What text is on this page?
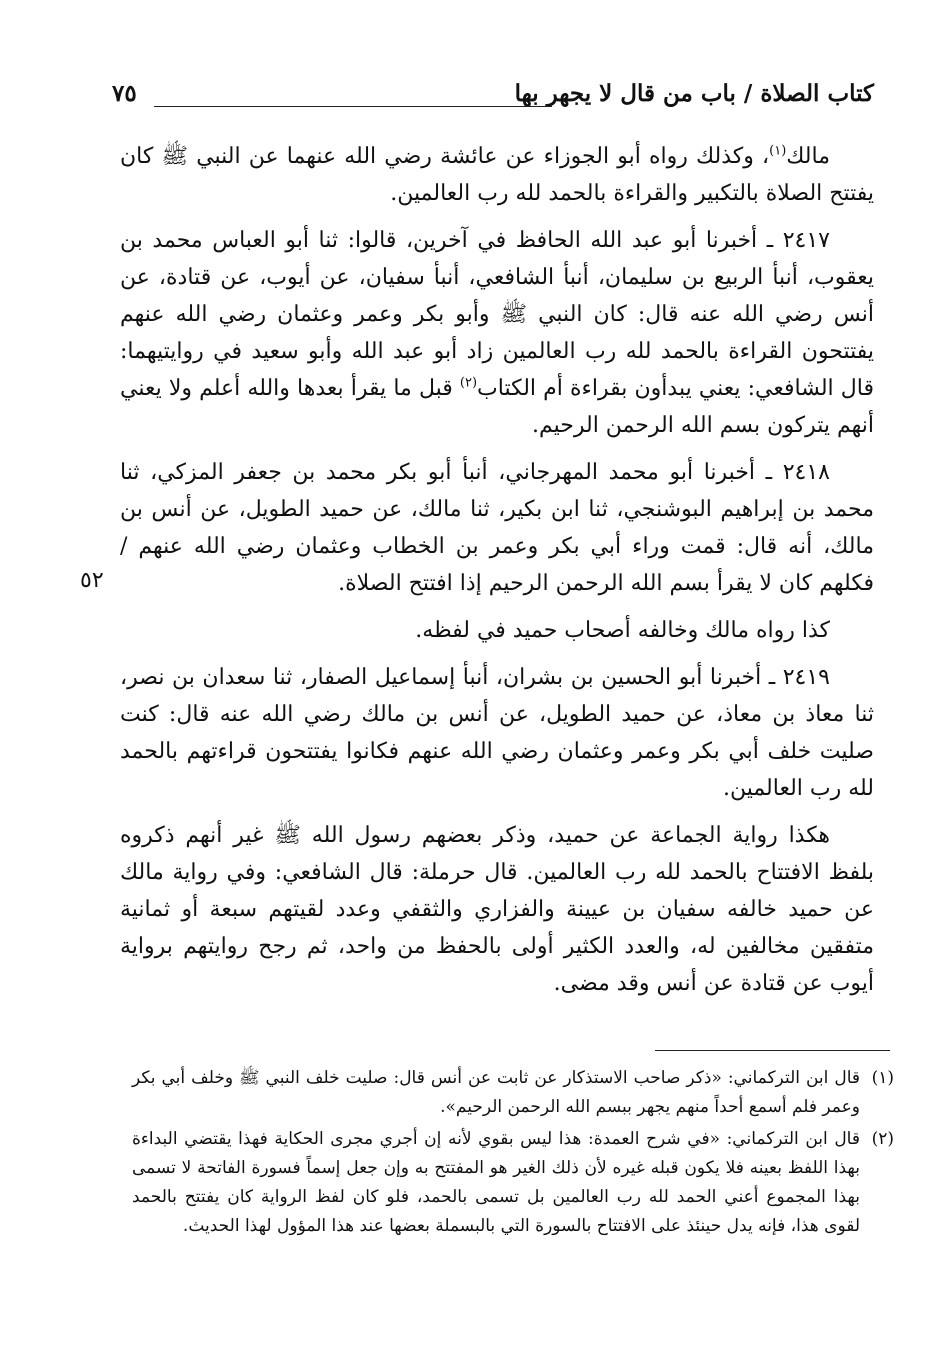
كتاب الصلاة / باب من قال لا يجهر بها
٧٥

مالك$^{(١)}$، وكذلك رواه أبو الجوزاء عن عائشة رضي الله عنهما عن النبي ﷺ كان يفتتح الصلاة بالتكبير والقراءة بالحمد لله رب العالمين.

٢٤١٧ ـ أخبرنا أبو عبد الله الحافظ في آخرين، قالوا: ثنا أبو العباس محمد بن يعقوب، أنبأ الربيع بن سليمان، أنبأ الشافعي، أنبأ سفيان، عن أيوب، عن قتادة، عن أنس رضي الله عنه قال: كان النبي ﷺ وأبو بكر وعمر وعثمان رضي الله عنهم يفتتحون القراءة بالحمد لله رب العالمين زاد أبو عبد الله وأبو سعيد في روايتيهما: قال الشافعي: يعني يبدأون بقراءة أم الكتاب$^{(٢)}$ قبل ما يقرأ بعدها والله أعلم ولا يعني أنهم يتركون بسم الله الرحمن الرحيم.

٢٤١٨ ـ أخبرنا أبو محمد المهرجاني، أنبأ أبو بكر محمد بن جعفر المزكي، ثنا محمد بن إبراهيم البوشنجي، ثنا ابن بكير، ثنا مالك، عن حميد الطويل، عن أنس بن مالك، أنه قال: قمت وراء أبي بكر وعمر بن الخطاب وعثمان رضي الله عنهم / فكلهم كان لا يقرأ بسم الله الرحمن الرحيم إذا افتتح الصلاة.

كذا رواه مالك وخالفه أصحاب حميد في لفظه.

٢٤١٩ ـ أخبرنا أبو الحسين بن بشران، أنبأ إسماعيل الصفار، ثنا سعدان بن نصر، ثنا معاذ بن معاذ، عن حميد الطويل، عن أنس بن مالك رضي الله عنه قال: كنت صليت خلف أبي بكر وعمر وعثمان رضي الله عنهم فكانوا يفتتحون قراءتهم بالحمد لله رب العالمين.

هكذا رواية الجماعة عن حميد، وذكر بعضهم رسول الله ﷺ غير أنهم ذكروه بلفظ الافتتاح بالحمد لله رب العالمين. قال حرملة: قال الشافعي: وفي رواية مالك عن حميد خالفه سفيان بن عيينة والفزاري والثقفي وعدد لقيتهم سبعة أو ثمانية متفقين مخالفين له، والعدد الكثير أولى بالحفظ من واحد، ثم رجح روايتهم برواية أيوب عن قتادة عن أنس وقد مضى.

٥٢

(١)قال ابن التركماني: «ذكر صاحب الاستذكار عن ثابت عن أنس قال: صليت خلف النبي ﷺ وخلف أبي بكر وعمر فلم أسمع أحداً منهم يجهر ببسم الله الرحمن الرحيم».

(٢)قال ابن التركماني: «في شرح العمدة: هذا ليس بقوي لأنه إن أجري مجرى الحكاية فهذا يقتضي البداءة بهذا اللفظ بعينه فلا يكون قبله غيره لأن ذلك الغير هو المفتتح به وإن جعل إسماً فسورة الفاتحة لا تسمى بهذا المجموع أعني الحمد لله رب العالمين بل تسمى بالحمد، فلو كان لفظ الرواية كان يفتتح بالحمد لقوى هذا، فإنه يدل حينئذ على الافتتاح بالسورة التي بالبسملة بعضها عند هذا المؤول لهذا الحديث.
